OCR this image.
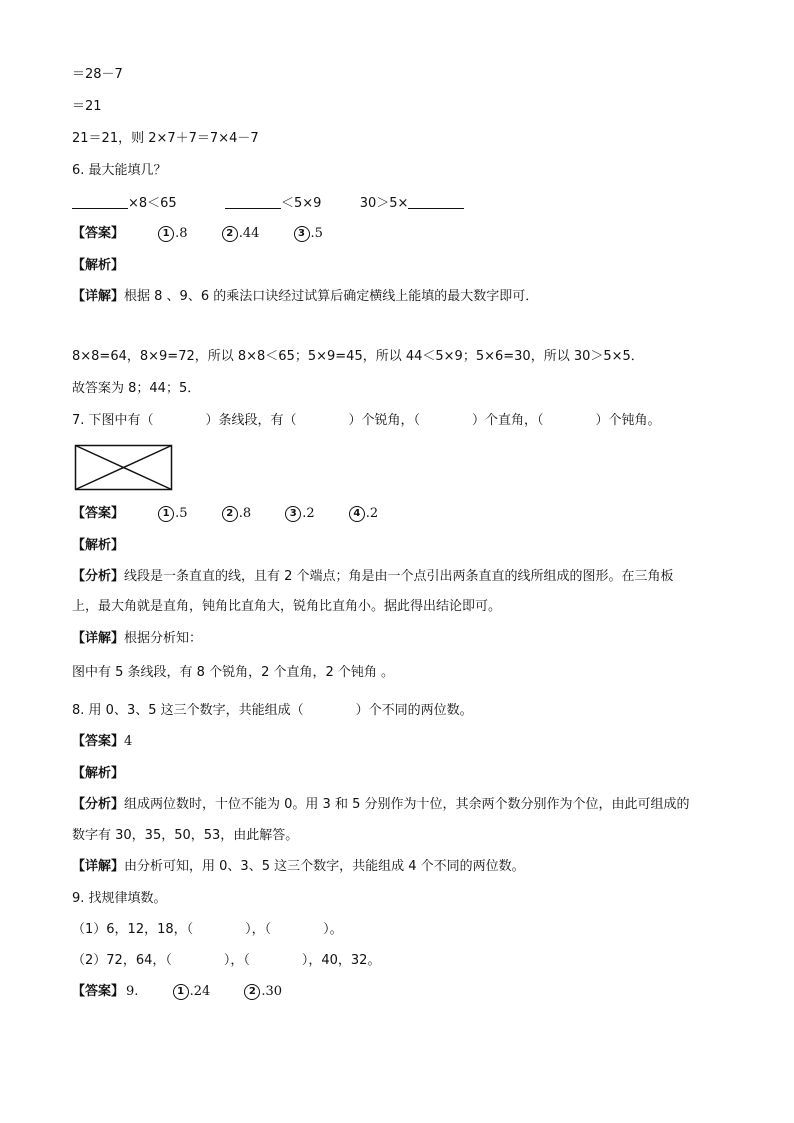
＝28－7
＝21
21＝21，则 2×7＋7＝7×4－7
6. 最大能填几？
×8＜65	＜5×9	30＞5×
【答案】	1 .8	2 .44	3 .5
【解析】
【详解】根据 8 、9、6 的乘法口诀经过试算后确定横线上能填的最大数字即可．
8×8=64，8×9=72，所以 8×8＜65；5×9=45，所以 44＜5×9；5×6=30，所以 30＞5×5．
故答案为 8；44；5．
7. 下图中有（　　　　）条线段，有（　　　　）个锐角，（　　　　）个直角，（　　　　）个钝角。
【答案】	1 .5	2 .8	3 .2	4 .2
【解析】
【分析】线段是一条直直的线，且有 2 个端点；角是由一个点引出两条直直的线所组成的图形。在三角板
上，最大角就是直角，钝角比直角大，锐角比直角小。据此得出结论即可。
【详解】根据分析知：
图中有 5 条线段，有 8 个锐角，2 个直角，2 个钝角 。
8. 用 0、3、5 这三个数字，共能组成（　　　　）个不同的两位数。
【答案】4
【解析】
【分析】组成两位数时，十位不能为 0。用 3 和 5 分别作为十位，其余两个数分别作为个位，由此可组成的
数字有 30，35，50，53，由此解答。
【详解】由分析可知，用 0、3、5 这三个数字，共能组成 4 个不同的两位数。
9. 找规律填数。
（1）6，12，18，（　　　　），（　　　　）。
（2）72，64，（　　　　），（　　　　），40，32。
【答案】 9.	1 .24	2 .30
